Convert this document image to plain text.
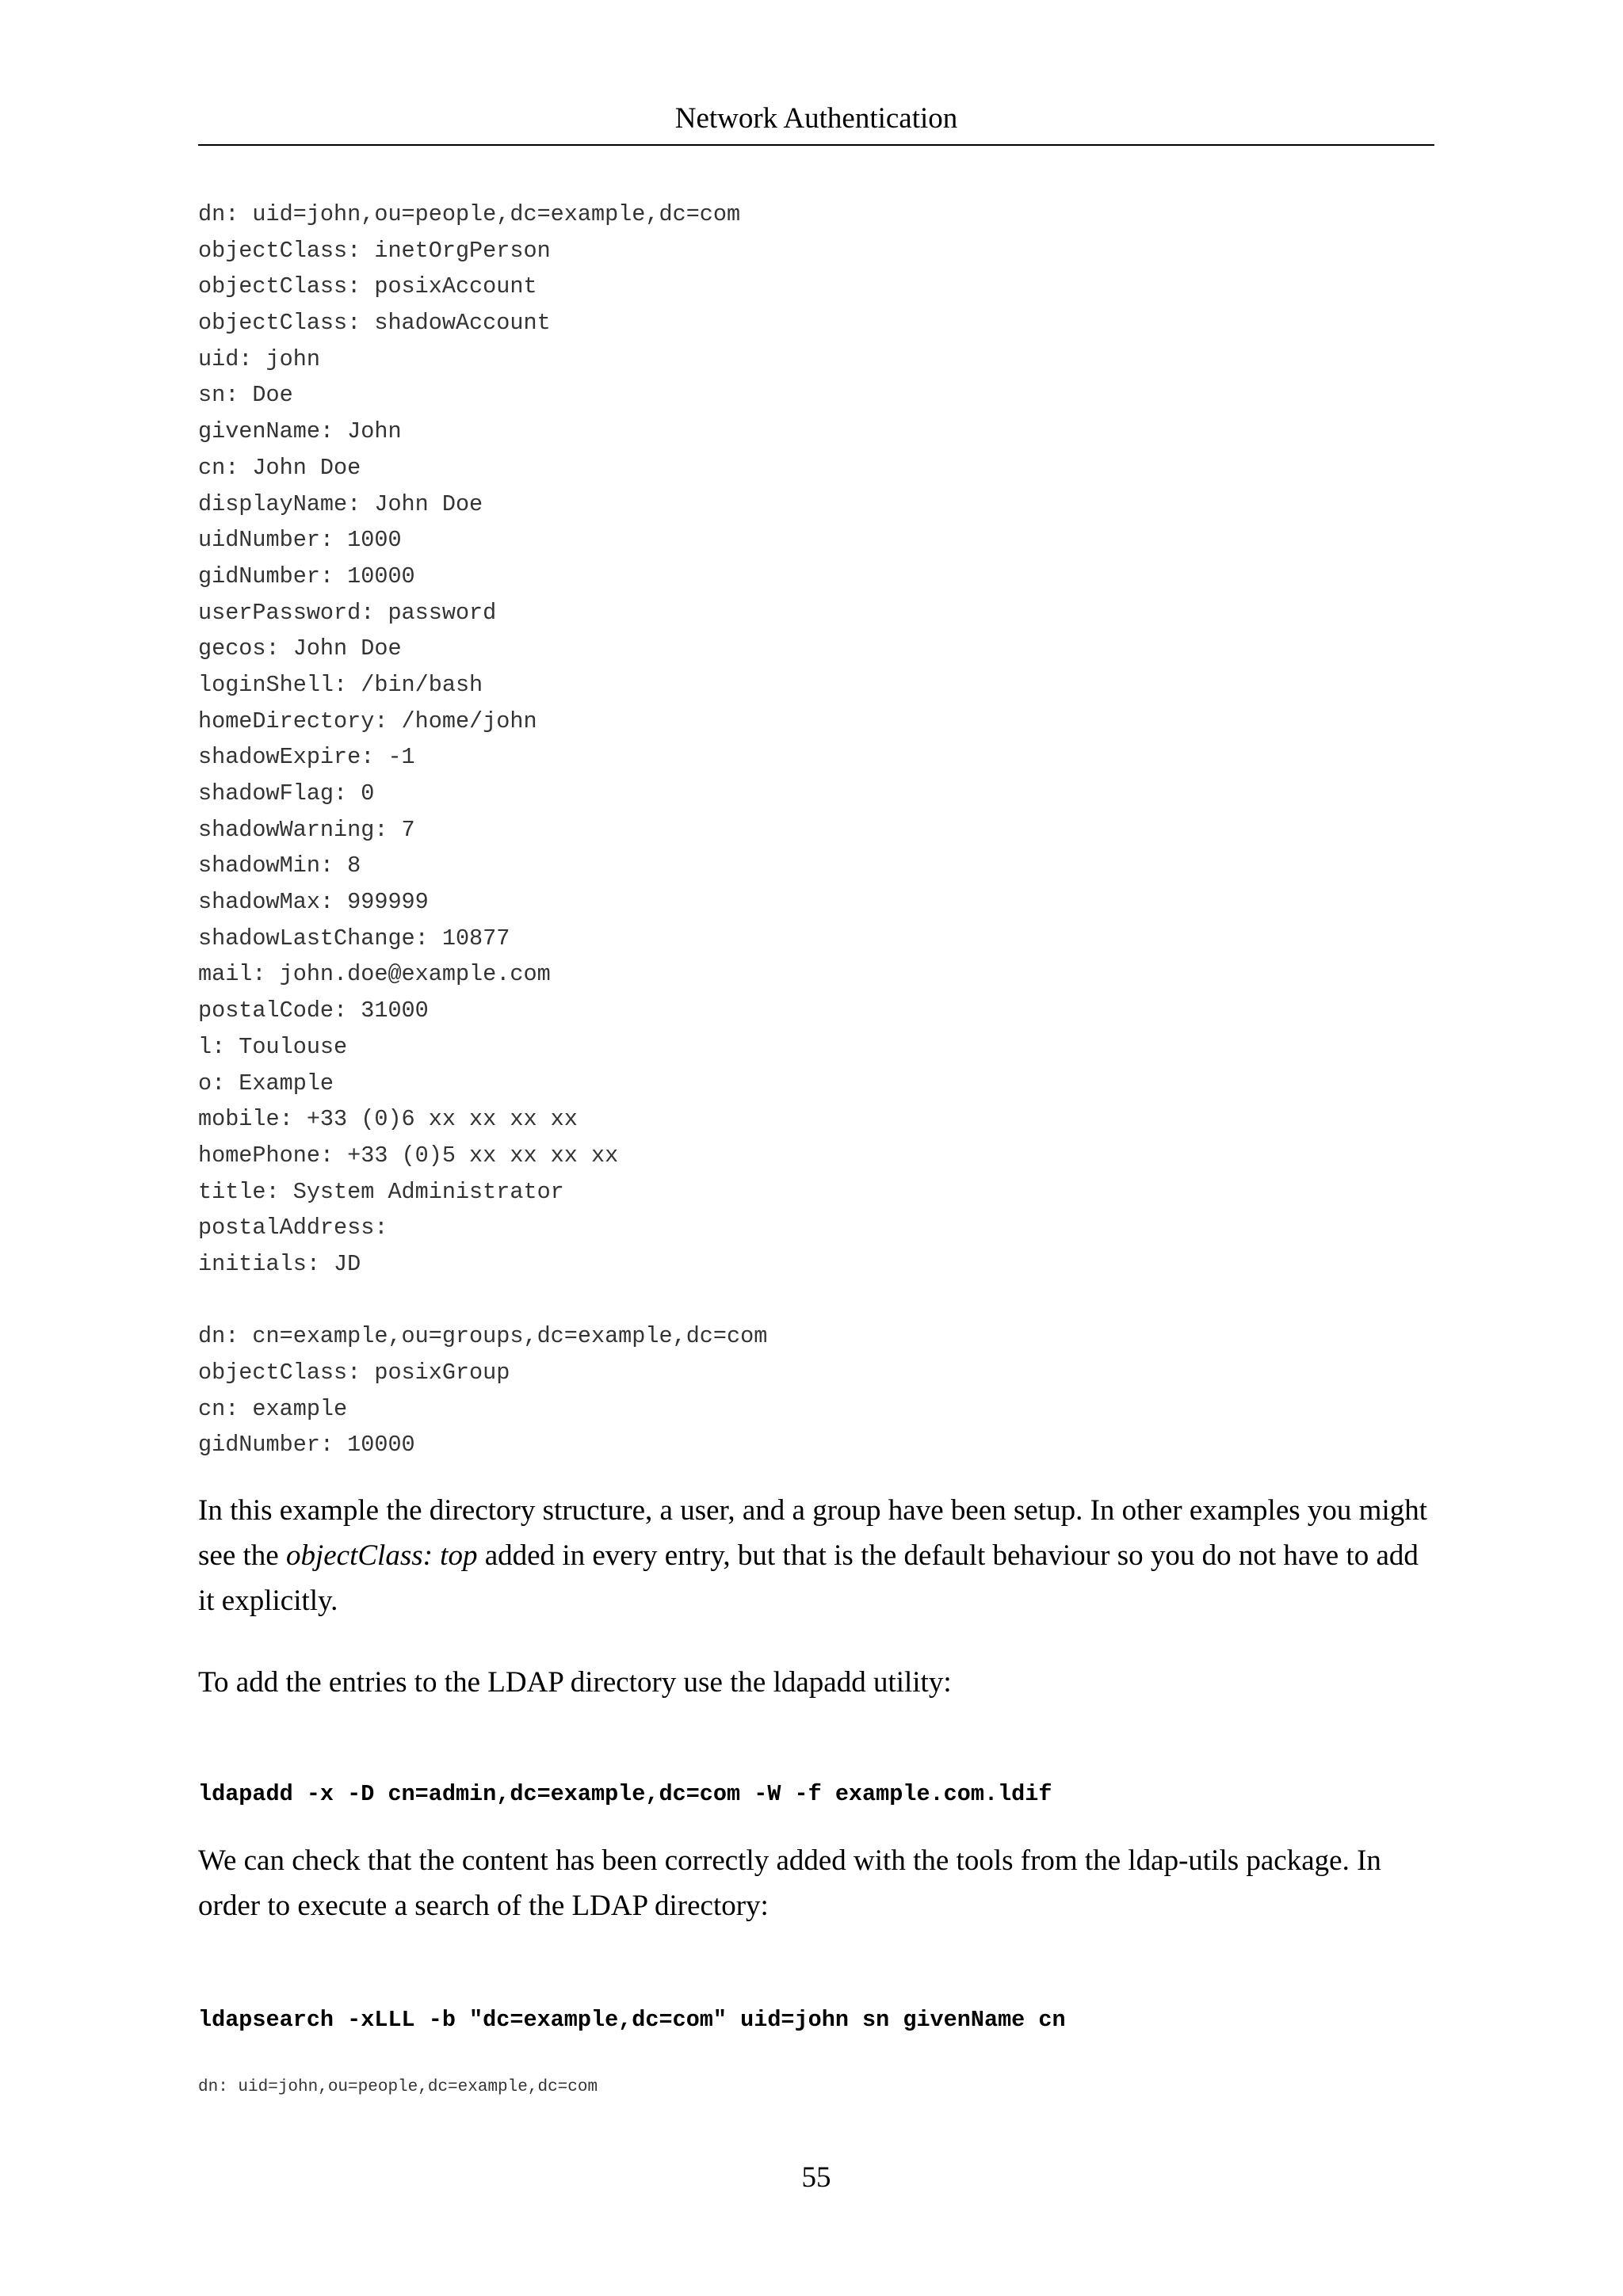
Network Authentication
dn: uid=john,ou=people,dc=example,dc=com
objectClass: inetOrgPerson
objectClass: posixAccount
objectClass: shadowAccount
uid: john
sn: Doe
givenName: John
cn: John Doe
displayName: John Doe
uidNumber: 1000
gidNumber: 10000
userPassword: password
gecos: John Doe
loginShell: /bin/bash
homeDirectory: /home/john
shadowExpire: -1
shadowFlag: 0
shadowWarning: 7
shadowMin: 8
shadowMax: 999999
shadowLastChange: 10877
mail: john.doe@example.com
postalCode: 31000
l: Toulouse
o: Example
mobile: +33 (0)6 xx xx xx xx
homePhone: +33 (0)5 xx xx xx xx
title: System Administrator
postalAddress:
initials: JD
dn: cn=example,ou=groups,dc=example,dc=com
objectClass: posixGroup
cn: example
gidNumber: 10000

In this example the directory structure, a user, and a group have been setup. In other examples you might see the objectClass: top added in every entry, but that is the default behaviour so you do not have to add it explicitly.

To add the entries to the LDAP directory use the ldapadd utility:

ldapadd -x -D cn=admin,dc=example,dc=com -W -f example.com.ldif

We can check that the content has been correctly added with the tools from the ldap-utils package. In order to execute a search of the LDAP directory:

ldapsearch -xLLL -b "dc=example,dc=com" uid=john sn givenName cn
dn: uid=john,ou=people,dc=example,dc=com
55
